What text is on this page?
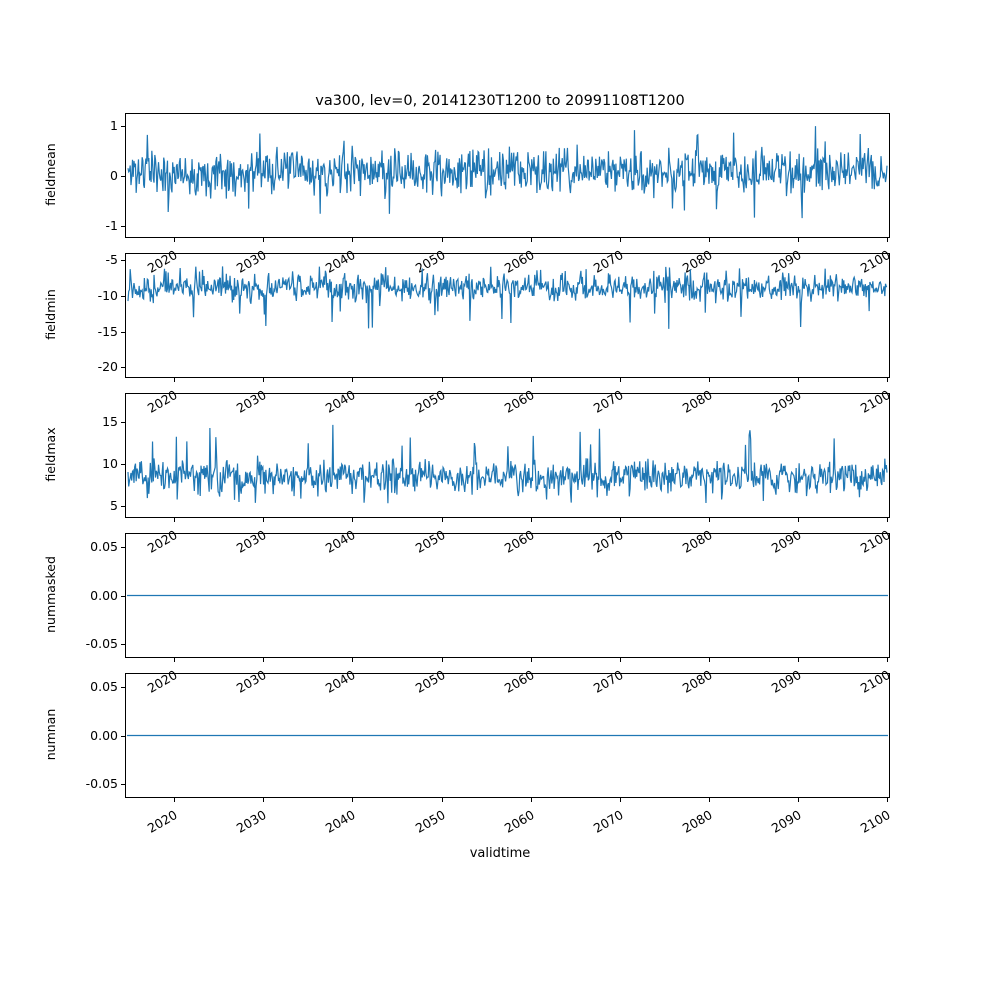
va300, lev=0, 20141230T1200 to 20991108T1200
fieldmean
-1
0
1
2020	2030	2040	2050	2060	2070	2080	2090	2100
fieldmin
-20
-15
-10
-5
2020	2030	2040	2050	2060	2070	2080	2090	2100
fieldmax
5
10
15
2020	2030	2040	2050	2060	2070	2080	2090	2100
nummasked
-0.05
0.00
0.05
2020	2030	2040	2050	2060	2070	2080	2090	2100
numnan
-0.05
0.00
0.05
2020	2030	2040	2050	2060	2070	2080	2090	2100
validtime
